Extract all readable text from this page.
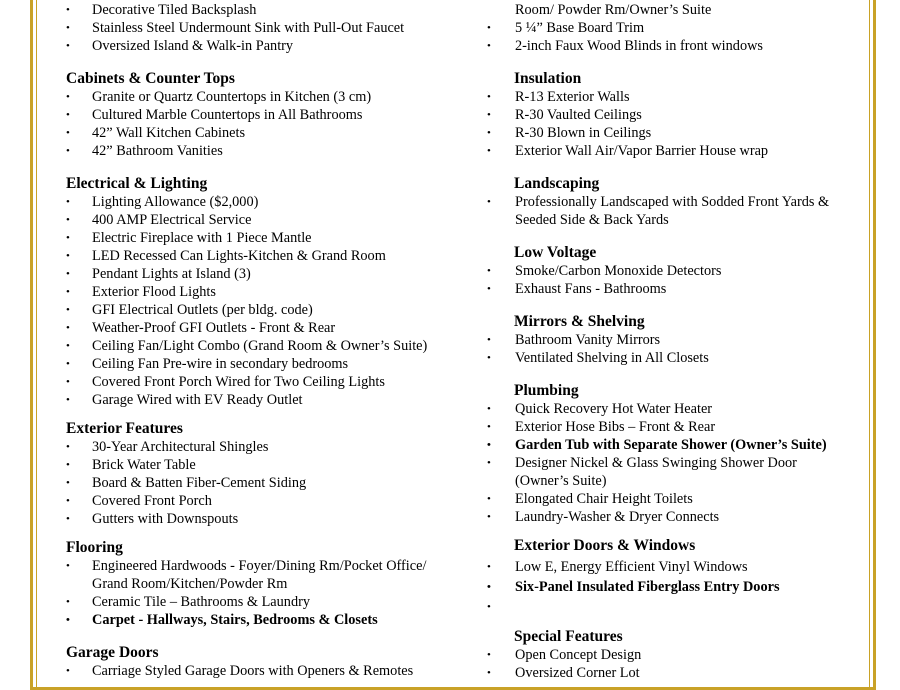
•	Decorative Tiled Backsplash
•	Stainless Steel Undermount Sink with Pull-Out Faucet
•	Oversized Island & Walk-in Pantry
Cabinets & Counter Tops
•	Granite or Quartz Countertops in Kitchen (3 cm)
•	Cultured Marble Countertops in All Bathrooms
•	42” Wall Kitchen Cabinets
•	42” Bathroom Vanities
Electrical & Lighting
•	Lighting Allowance ($2,000)
•	400 AMP Electrical Service
•	Electric Fireplace with 1 Piece Mantle
•	LED Recessed Can Lights-Kitchen & Grand Room
•	Pendant Lights at Island (3)
•	Exterior Flood Lights
•	GFI Electrical Outlets (per bldg. code)
•	Weather-Proof GFI Outlets - Front & Rear
•	Ceiling Fan/Light Combo (Grand Room & Owner’s Suite)
•	Ceiling Fan Pre-wire in secondary bedrooms
•	Covered Front Porch Wired for Two Ceiling Lights
•	Garage Wired with EV Ready Outlet
Exterior Features
•	30-Year Architectural Shingles
•	Brick Water Table
•	Board & Batten Fiber-Cement Siding
•	Covered Front Porch
•	Gutters with Downspouts
Flooring
•	Engineered Hardwoods - Foyer/Dining Rm/Pocket Office/ Grand Room/Kitchen/Powder Rm
•	Ceramic Tile – Bathrooms & Laundry
•	Carpet - Hallways, Stairs, Bedrooms & Closets
Garage Doors
•	Carriage Styled Garage Doors with Openers & Remotes
Room/ Powder Rm/Owner’s Suite
•	5 ¼” Base Board Trim
•	2-inch Faux Wood Blinds in front windows
Insulation
•	R-13 Exterior Walls
•	R-30 Vaulted Ceilings
•	R-30 Blown in Ceilings
•	Exterior Wall Air/Vapor Barrier House wrap
Landscaping
•	Professionally Landscaped with Sodded Front Yards & Seeded Side & Back Yards
Low Voltage
•	Smoke/Carbon Monoxide Detectors
•	Exhaust Fans - Bathrooms
Mirrors & Shelving
•	Bathroom Vanity Mirrors
•	Ventilated Shelving in All Closets
Plumbing
•	Quick Recovery Hot Water Heater
•	Exterior Hose Bibs – Front & Rear
•	Garden Tub with Separate Shower (Owner’s Suite)
•	Designer Nickel & Glass Swinging Shower Door (Owner’s Suite)
•	Elongated Chair Height Toilets
•	Laundry-Washer & Dryer Connects
Exterior Doors & Windows
•	Low E, Energy Efficient Vinyl Windows
•	Six-Panel Insulated Fiberglass Entry Doors
•
Special Features
•	Open Concept Design
•	Oversized Corner Lot
